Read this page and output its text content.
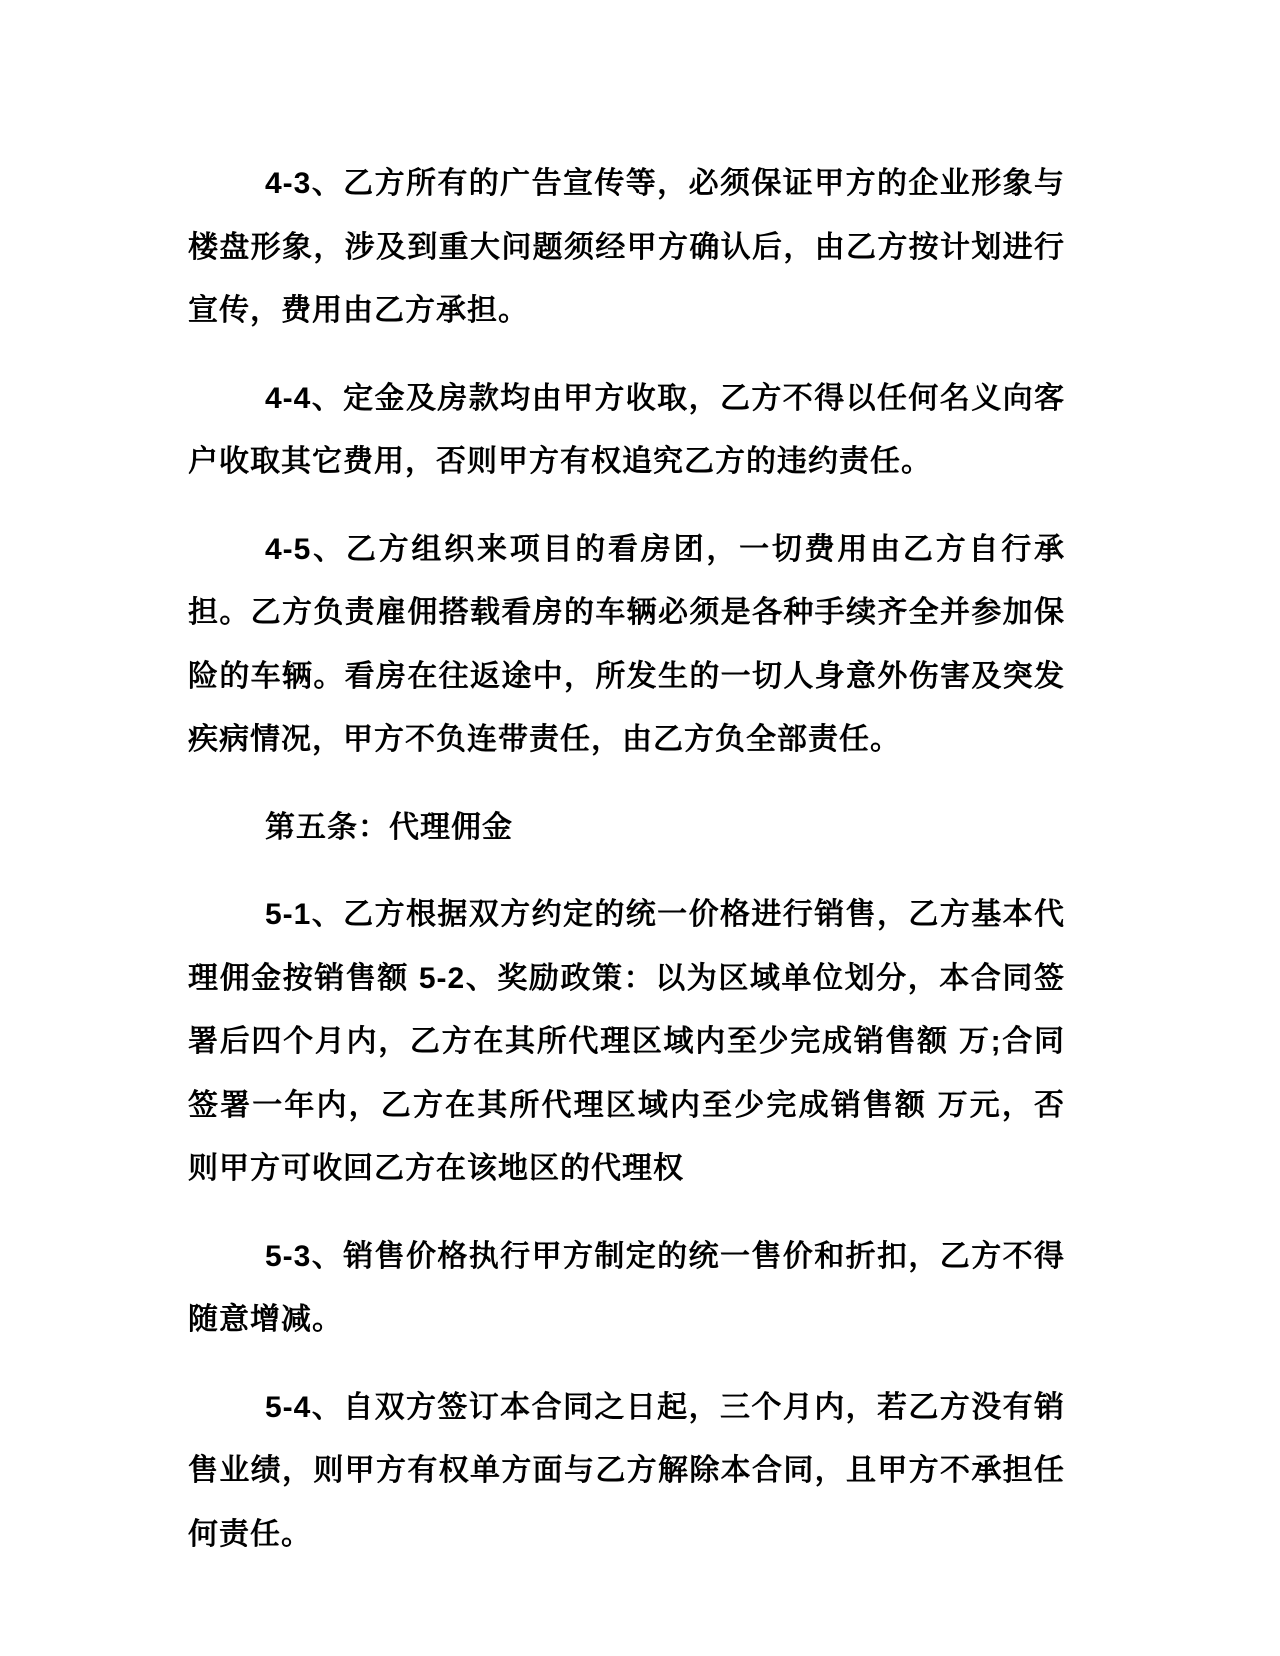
4-3、乙方所有的广告宣传等，必须保证甲方的企业形象与楼盘形象，涉及到重大问题须经甲方确认后，由乙方按计划进行宣传，费用由乙方承担。

4-4、定金及房款均由甲方收取，乙方不得以任何名义向客户收取其它费用，否则甲方有权追究乙方的违约责任。

4-5、乙方组织来项目的看房团，一切费用由乙方自行承担。乙方负责雇佣搭载看房的车辆必须是各种手续齐全并参加保险的车辆。看房在往返途中，所发生的一切人身意外伤害及突发疾病情况，甲方不负连带责任，由乙方负全部责任。

第五条：代理佣金

5-1、乙方根据双方约定的统一价格进行销售，乙方基本代理佣金按销售额 5-2、奖励政策：以为区域单位划分，本合同签署后四个月内，乙方在其所代理区域内至少完成销售额 万;合同签署一年内，乙方在其所代理区域内至少完成销售额 万元，否则甲方可收回乙方在该地区的代理权

5-3、销售价格执行甲方制定的统一售价和折扣，乙方不得随意增减。

5-4、自双方签订本合同之日起，三个月内，若乙方没有销售业绩，则甲方有权单方面与乙方解除本合同，且甲方不承担任何责任。
